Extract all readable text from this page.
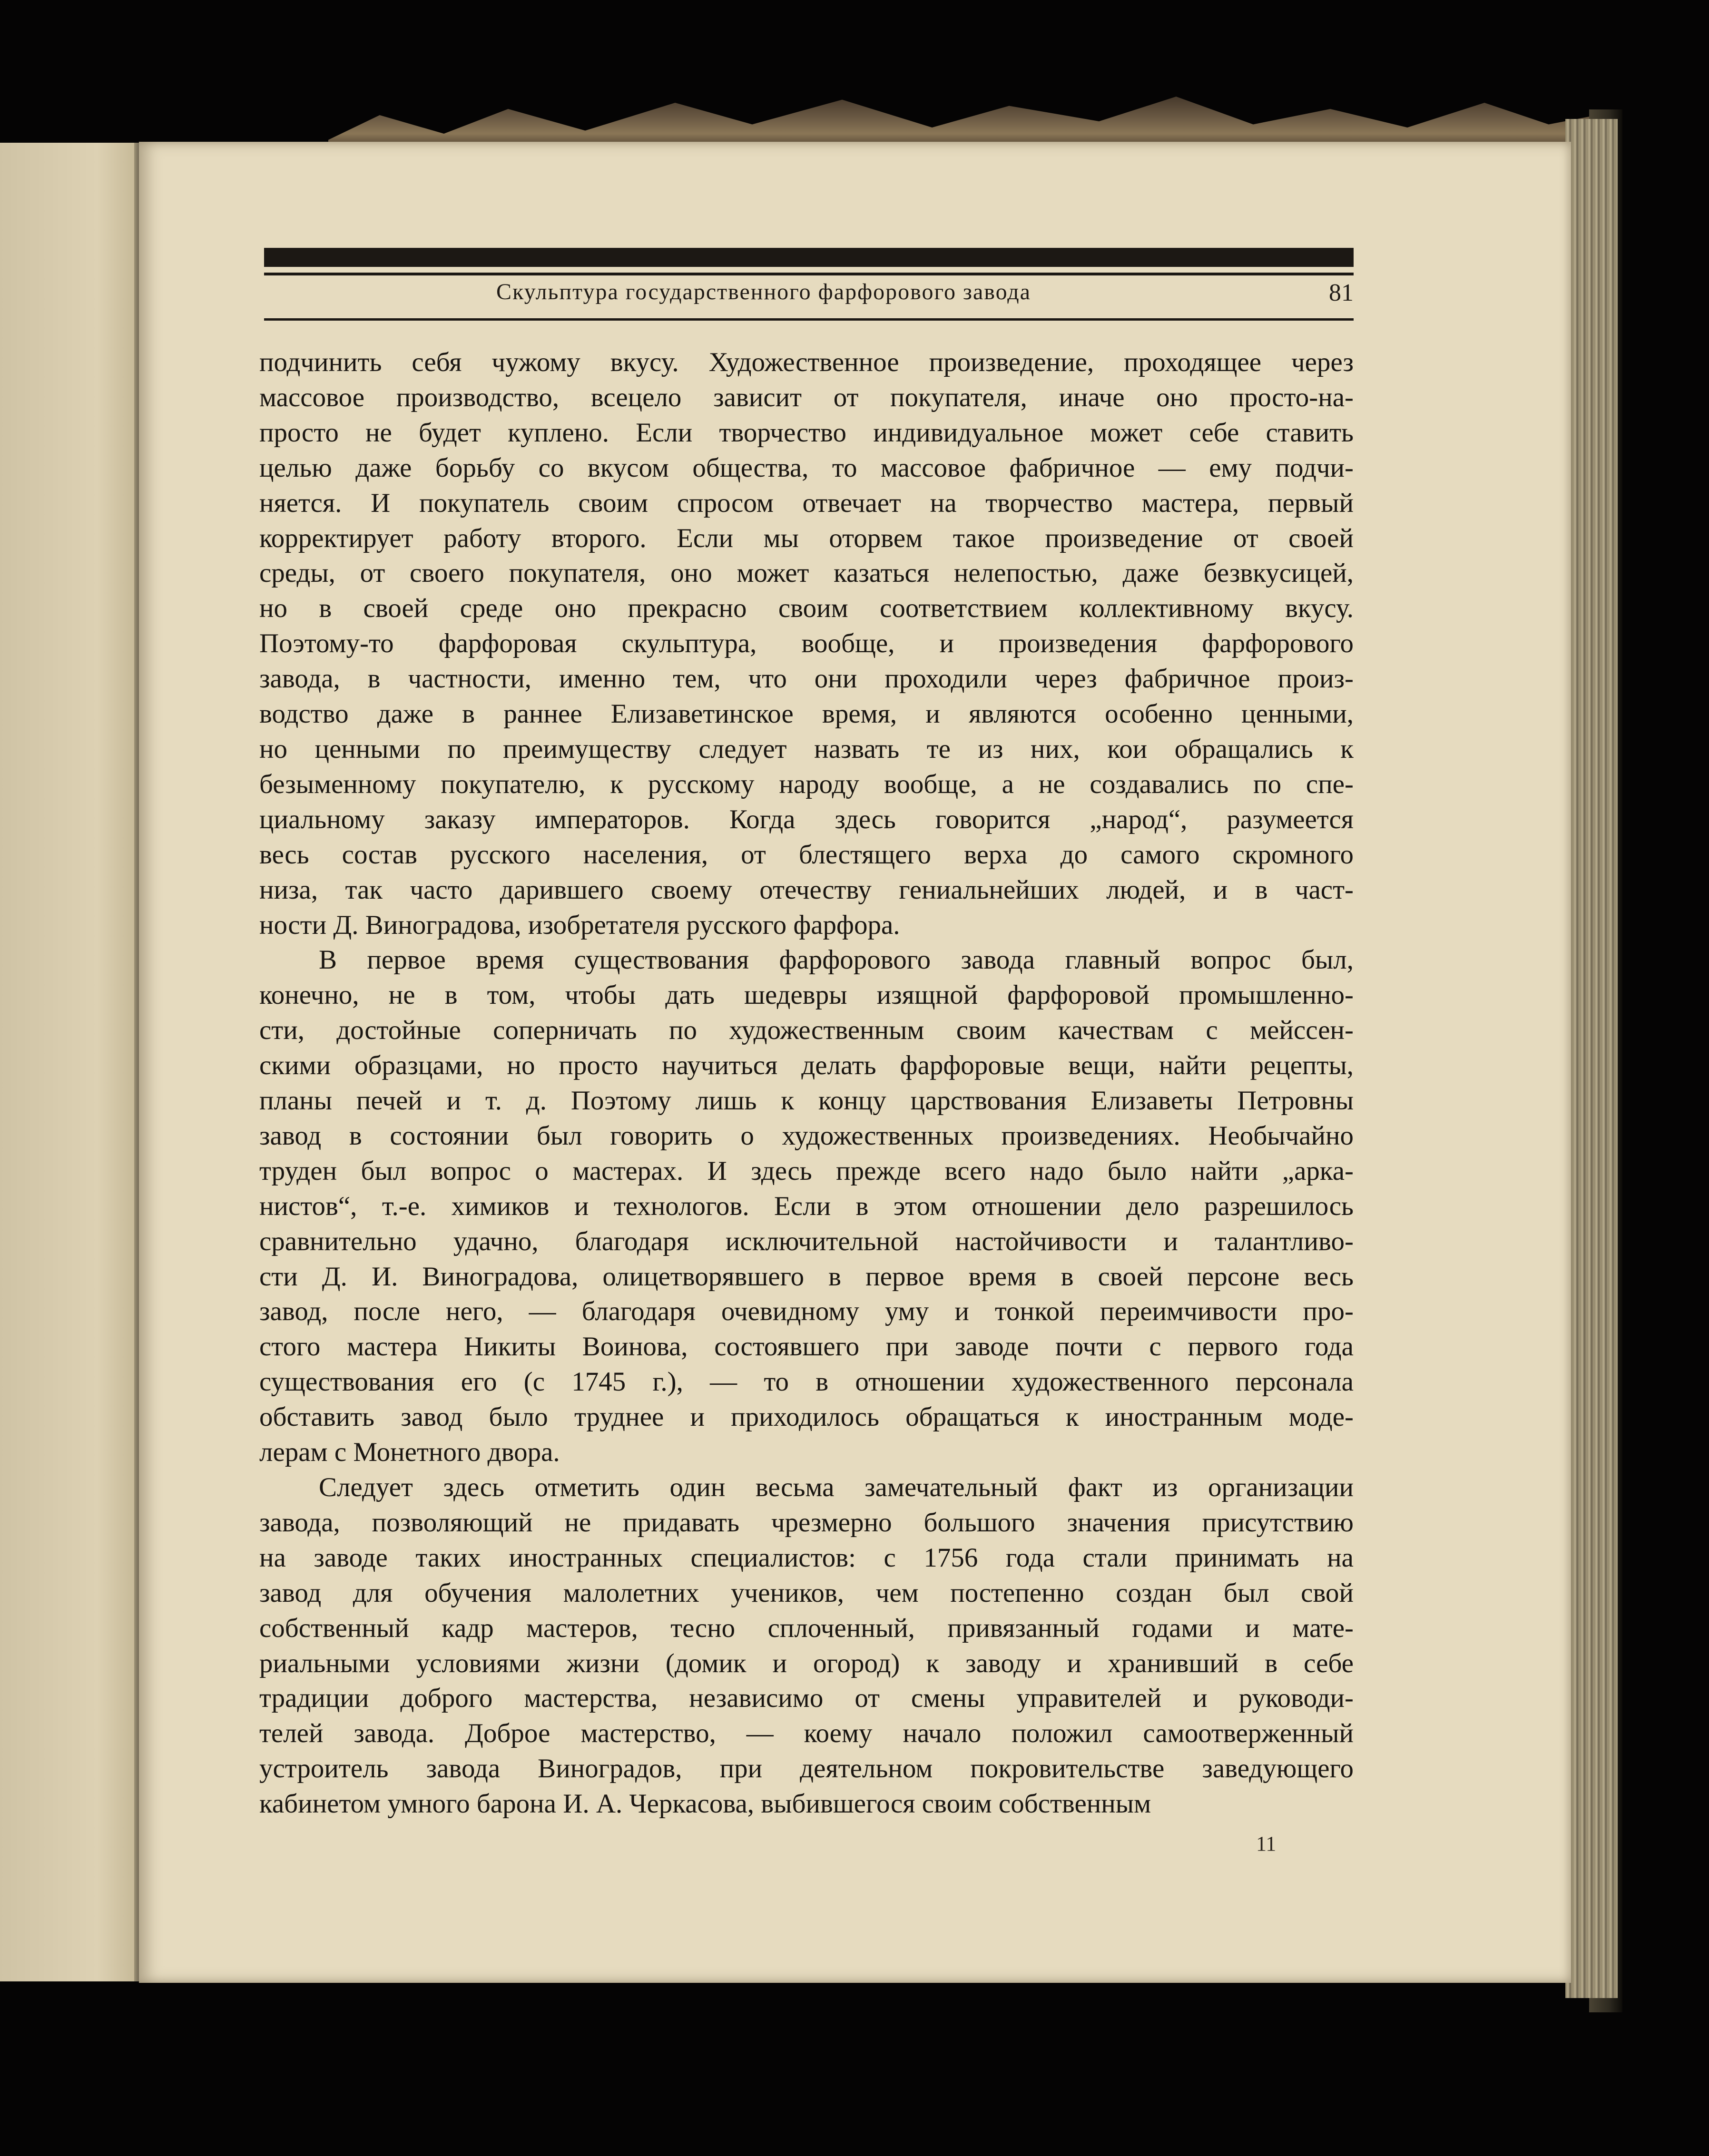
Скульптура государственного фарфорового завода	81

подчинить себя чужому вкусу. Художественное произведение, проходящее через

массовое производство, всецело зависит от покупателя, иначе оно просто-на-

просто не будет куплено. Если творчество индивидуальное может себе ставить

целью даже борьбу со вкусом общества, то массовое фабричное — ему подчи-

няется. И покупатель своим спросом отвечает на творчество мастера, первый

корректирует работу второго. Если мы оторвем такое произведение от своей

среды, от своего покупателя, оно может казаться нелепостью, даже безвкусицей,

но в своей среде оно прекрасно своим соответствием коллективному вкусу.

Поэтому-то фарфоровая скульптура, вообще, и произведения фарфорового

завода, в частности, именно тем, что они проходили через фабричное произ-

водство даже в раннее Елизаветинское время, и являются особенно ценными,

но ценными по преимуществу следует назвать те из них, кои обращались к

безыменному покупателю, к русскому народу вообще, а не создавались по спе-

циальному заказу императоров. Когда здесь говорится „народ“, разумеется

весь состав русского населения, от блестящего верха до самого скромного

низа, так часто дарившего своему отечеству гениальнейших людей, и в част-

ности Д. Виноградова, изобретателя русского фарфора.

В первое время существования фарфорового завода главный вопрос был,

конечно, не в том, чтобы дать шедевры изящной фарфоровой промышленно-

сти, достойные соперничать по художественным своим качествам с мейссен-

скими образцами, но просто научиться делать фарфоровые вещи, найти рецепты,

планы печей и т. д. Поэтому лишь к концу царствования Елизаветы Петровны

завод в состоянии был говорить о художественных произведениях. Необычайно

труден был вопрос о мастерах. И здесь прежде всего надо было найти „арка-

нистов“, т.-е. химиков и технологов. Если в этом отношении дело разрешилось

сравнительно удачно, благодаря исключительной настойчивости и талантливо-

сти Д. И. Виноградова, олицетворявшего в первое время в своей персоне весь

завод, после него, — благодаря очевидному уму и тонкой переимчивости про-

стого мастера Никиты Воинова, состоявшего при заводе почти с первого года

существования его (с 1745 г.), — то в отношении художественного персонала

обставить завод было труднее и приходилось обращаться к иностранным моде-

лерам с Монетного двора.

Следует здесь отметить один весьма замечательный факт из организации

завода, позволяющий не придавать чрезмерно большого значения присутствию

на заводе таких иностранных специалистов: с 1756 года стали принимать на

завод для обучения малолетних учеников, чем постепенно создан был свой

собственный кадр мастеров, тесно сплоченный, привязанный годами и мате-

риальными условиями жизни (домик и огород) к заводу и хранивший в себе

традиции доброго мастерства, независимо от смены управителей и руководи-

телей завода. Доброе мастерство, — коему начало положил самоотверженный

устроитель завода Виноградов, при деятельном покровительстве заведующего

кабинетом умного барона И. А. Черкасова, выбившегося своим собственным

11
